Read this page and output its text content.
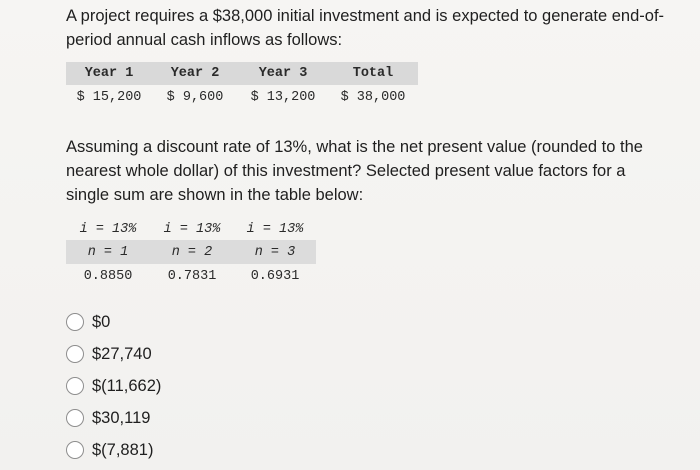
A project requires a $38,000 initial investment and is expected to generate end-of-period annual cash inflows as follows:

Year 1	Year 2	Year 3	Total
$ 15,200	$ 9,600	$ 13,200	$ 38,000

Assuming a discount rate of 13%, what is the net present value (rounded to the nearest whole dollar) of this investment? Selected present value factors for a single sum are shown in the table below:

i = 13%	i = 13%	i = 13%
n = 1	n = 2	n = 3
0.8850	0.7831	0.6931
$0
$27,740
$(11,662)
$30,119
$(7,881)
